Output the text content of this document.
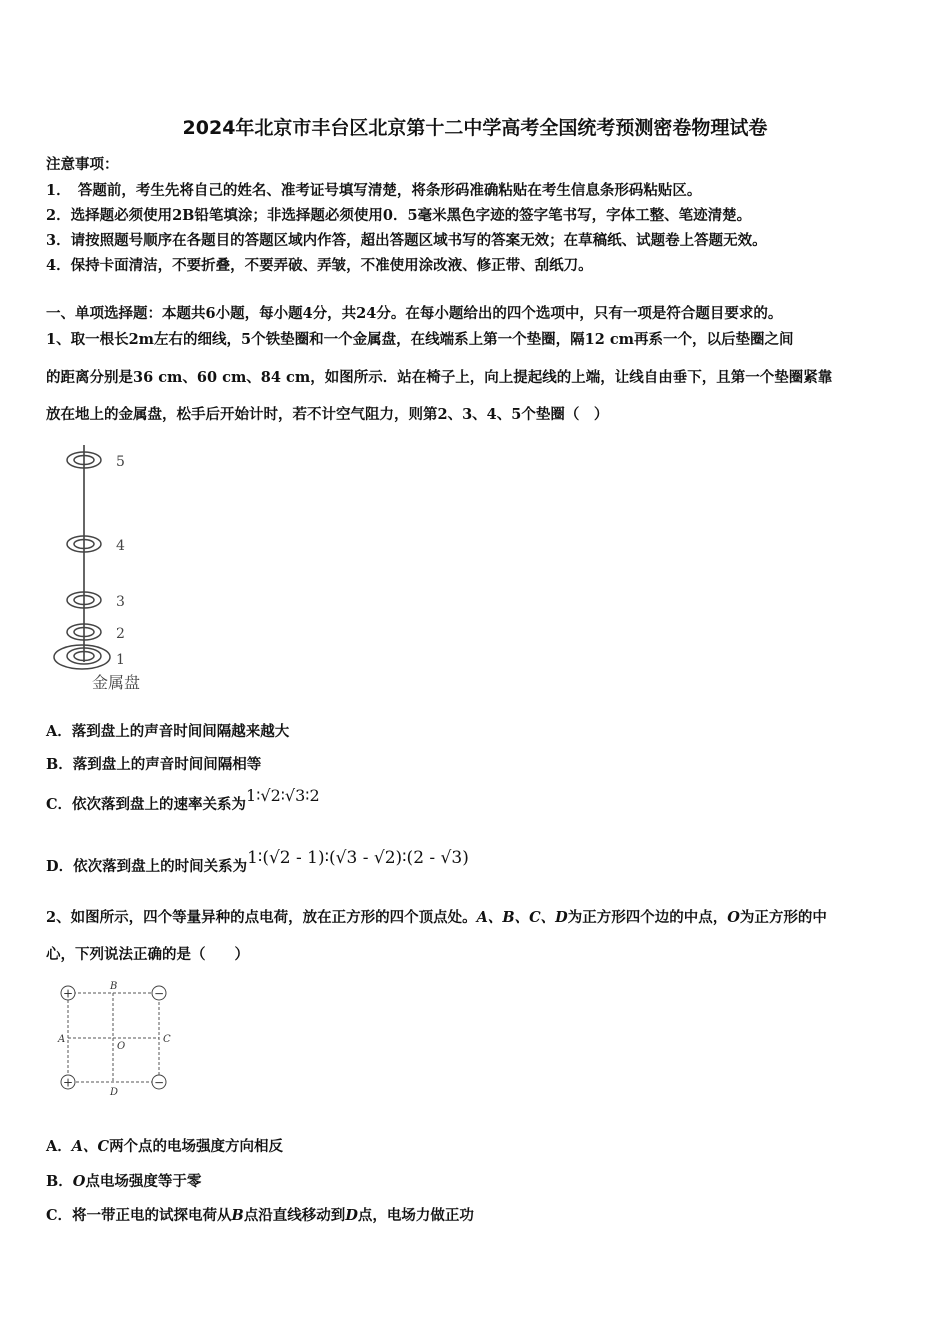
2024年北京市丰台区北京第十二中学高考全国统考预测密卷物理试卷
注意事项：
1．　答题前，考生先将自己的姓名、准考证号填写清楚，将条形码准确粘贴在考生信息条形码粘贴区。
2．选择题必须使用2B铅笔填涂；非选择题必须使用0．5毫米黑色字迹的签字笔书写，字体工整、笔迹清楚。
3．请按照题号顺序在各题目的答题区域内作答，超出答题区域书写的答案无效；在草稿纸、试题卷上答题无效。
4．保持卡面清洁，不要折叠，不要弄破、弄皱，不准使用涂改液、修正带、刮纸刀。
一、单项选择题：本题共6小题，每小题4分，共24分。在每小题给出的四个选项中，只有一项是符合题目要求的。
1、取一根长2m左右的细线，5个铁垫圈和一个金属盘，在线端系上第一个垫圈，隔12 cm再系一个，以后垫圈之间
的距离分别是36 cm、60 cm、84 cm，如图所示．站在椅子上，向上提起线的上端，让线自由垂下，且第一个垫圈紧靠
放在地上的金属盘，松手后开始计时，若不计空气阻力，则第2、3、4、5个垫圈（　）
5
4
3
2
1
金属盘
A．落到盘上的声音时间间隔越来越大
B．落到盘上的声音时间间隔相等
C．依次落到盘上的速率关系为1∶√2∶√3∶2
D．依次落到盘上的时间关系为1∶(√2 - 1)∶(√3 - √2)∶(2 - √3)
2、如图所示，四个等量异种的点电荷，放在正方形的四个顶点处。A、B、C、D为正方形四个边的中点，O为正方形的中
心，下列说法正确的是（　　）
+	−
+	−
A
B
C
D
O
A．A、C两个点的电场强度方向相反
B．O点电场强度等于零
C．将一带正电的试探电荷从B点沿直线移动到D点，电场力做正功
